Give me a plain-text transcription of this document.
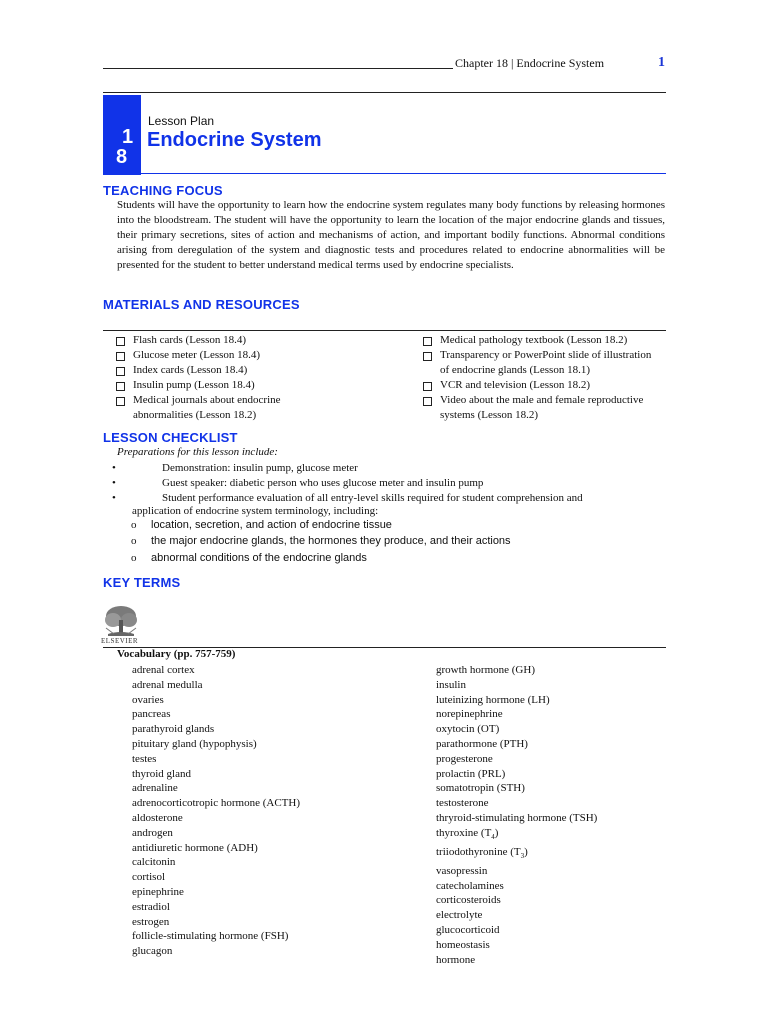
Chapter 18 | Endocrine System	1
1
8
Lesson Plan
Endocrine System
TEACHING FOCUS
Students will have the opportunity to learn how the endocrine system regulates many body functions by releasing hormones into the bloodstream. The student will have the opportunity to learn the location of the major endocrine glands and tissues, their primary secretions, sites of action and mechanisms of action, and important bodily functions. Abnormal conditions arising from deregulation of the system and diagnostic tests and procedures related to endocrine abnormalities will be presented for the student to better understand medical terms used by endocrine specialists.
MATERIALS AND RESOURCES
Flash cards (Lesson 18.4)
Glucose meter (Lesson 18.4)
Index cards (Lesson 18.4)
Insulin pump (Lesson 18.4)
Medical journals about endocrine abnormalities (Lesson 18.2)
Medical pathology textbook (Lesson 18.2)
Transparency or PowerPoint slide of illustration of endocrine glands (Lesson 18.1)
VCR and television (Lesson 18.2)
Video about the male and female reproductive systems (Lesson 18.2)
LESSON CHECKLIST
Preparations for this lesson include:
•	Demonstration: insulin pump, glucose meter
•	Guest speaker: diabetic person who uses glucose meter and insulin pump
•	Student performance evaluation of all entry-level skills required for student comprehension and
application of endocrine system terminology, including:
o location, secretion, and action of endocrine tissue
o the major endocrine glands, the hormones they produce, and their actions
o abnormal conditions of the endocrine glands
KEY TERMS
ELSEVIER
Vocabulary (pp. 757-759)
adrenal cortex
adrenal medulla
ovaries
pancreas
parathyroid glands
pituitary gland (hypophysis)
testes
thyroid gland
adrenaline
adrenocorticotropic hormone (ACTH)
aldosterone
androgen
antidiuretic hormone (ADH)
calcitonin
cortisol
epinephrine
estradiol
estrogen
follicle-stimulating hormone (FSH)
glucagon
growth hormone (GH)
insulin
luteinizing hormone (LH)
norepinephrine
oxytocin (OT)
parathormone (PTH)
progesterone
prolactin (PRL)
somatotropin (STH)
testosterone
thryroid-stimulating hormone (TSH)
thyroxine $(T_4)$
triiodothyronine $(T_3)$
vasopressin
catecholamines
corticosteroids
electrolyte
glucocorticoid
homeostasis
hormone
